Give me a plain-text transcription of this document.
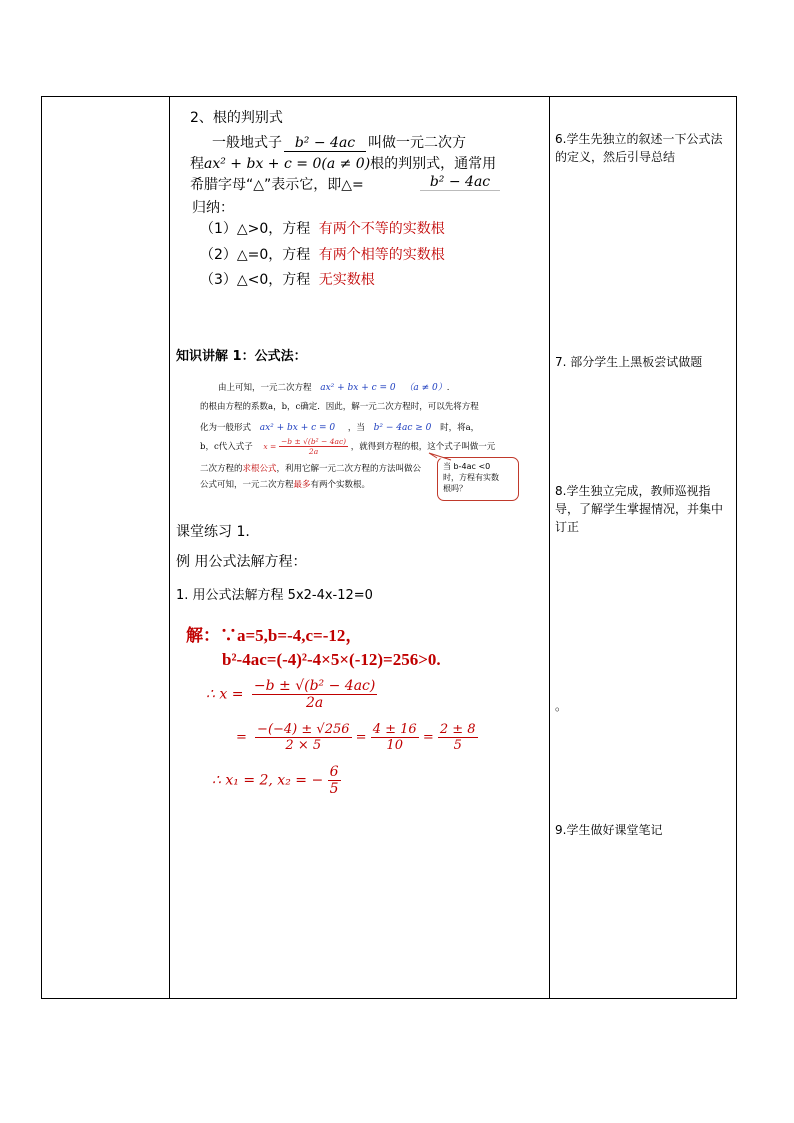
2、根的判别式
一般地式子 b² − 4ac 叫做一元二次方
程ax² + bx + c = 0(a ≠ 0)根的判别式，通常用
希腊字母“△”表示它，即△=	b² − 4ac
归纳：
（1）△>0，方程 有两个不等的实数根
（2）△=0，方程 有两个相等的实数根
（3）△<0，方程 无实数根
知识讲解 1：公式法：
由上可知，一元二次方程 ax² + bx + c = 0 （a ≠ 0）.
的根由方程的系数a，b，c确定．因此，解一元二次方程时，可以先将方程
化为一般形式 ax² + bx + c = 0 ，当 b² − 4ac ≥ 0 时，将a，
b，c代入式子 $x = \frac{\text{−b ± √(b² − 4ac)}}{2a}$ ，就得到方程的根，这个式子叫做一元
二次方程的求根公式，利用它解一元二次方程的方法叫做公
公式可知，一元二次方程最多有两个实数根。
当 b-4ac <0
时，方程有实数
根吗？
课堂练习 1.
例 用公式法解方程：
1. 用公式法解方程 5x2-4x-12=0
解：∵a=5,b=-4,c=-12，
b²-4ac=(-4)²-4×5×(-12)=256>0.
∴ $x = \frac{\text{−b ± √(b² − 4ac)}}{2a}$
= $\frac{-(-4) \pm √256}{2 \times 5} = \frac{4 \pm 16}{10} = \frac{2 \pm 8}{5}$
∴ x₁ = 2, x₂ = − $\frac{6}{5}$
6.学生先独立的叙述一下公式法的定义，然后引导总结
7. 部分学生上黑板尝试做题
8.学生独立完成，教师巡视指导，了解学生掌握情况，并集中订正
。
9.学生做好课堂笔记
